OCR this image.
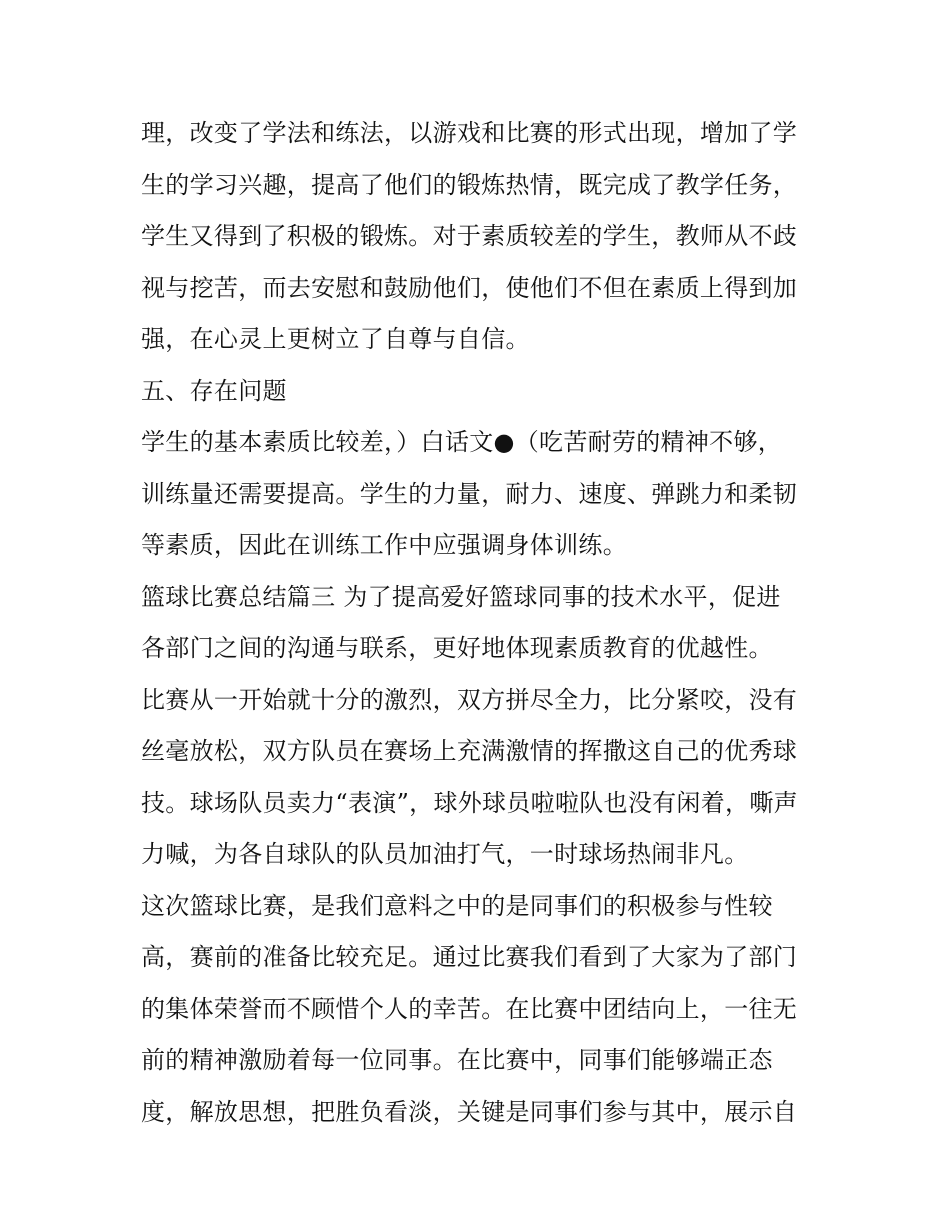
理，改变了学法和练法，以游戏和比赛的形式出现，增加了学
生的学习兴趣，提高了他们的锻炼热情，既完成了教学任务，
学生又得到了积极的锻炼。对于素质较差的学生，教师从不歧
视与挖苦，而去安慰和鼓励他们，使他们不但在素质上得到加
强，在心灵上更树立了自尊与自信。
五、存在问题
学生的基本素质比较差，）白话文●（吃苦耐劳的精神不够，
训练量还需要提高。学生的力量，耐力、速度、弹跳力和柔韧
等素质，因此在训练工作中应强调身体训练。
篮球比赛总结篇三 为了提高爱好篮球同事的技术水平，促进
各部门之间的沟通与联系，更好地体现素质教育的优越性。
比赛从一开始就十分的激烈，双方拼尽全力，比分紧咬，没有
丝毫放松，双方队员在赛场上充满激情的挥撒这自己的优秀球
技。球场队员卖力“表演”，球外球员啦啦队也没有闲着，嘶声
力喊，为各自球队的队员加油打气，一时球场热闹非凡。
这次篮球比赛，是我们意料之中的是同事们的积极参与性较
高，赛前的准备比较充足。通过比赛我们看到了大家为了部门
的集体荣誉而不顾惜个人的幸苦。在比赛中团结向上，一往无
前的精神激励着每一位同事。在比赛中，同事们能够端正态
度，解放思想，把胜负看淡，关键是同事们参与其中，展示自
